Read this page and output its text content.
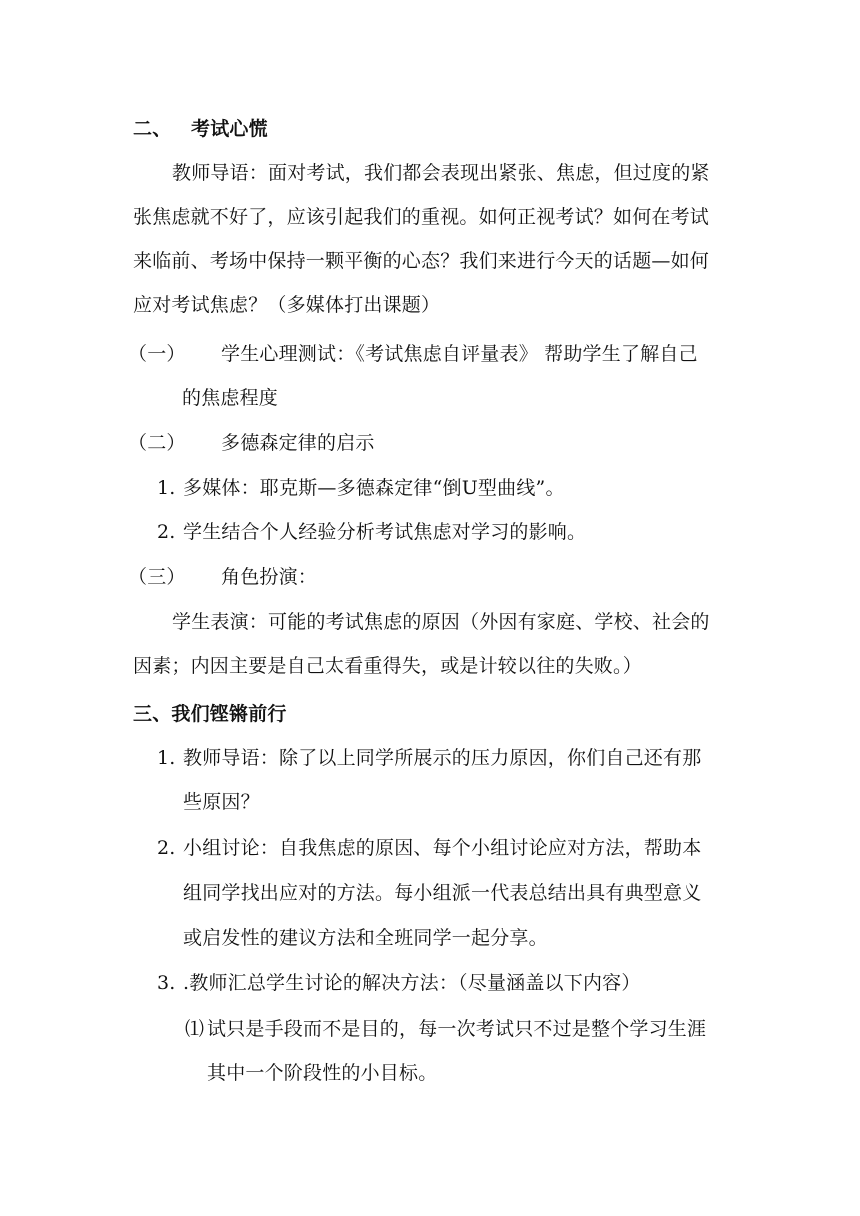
二、 考试心慌
教师导语：面对考试，我们都会表现出紧张、焦虑，但过度的紧
张焦虑就不好了，应该引起我们的重视。如何正视考试？如何在考试
来临前、考场中保持一颗平衡的心态？我们来进行今天的话题—如何
应对考试焦虑？（多媒体打出课题）
（一） 学生心理测试：《考试焦虑自评量表》 帮助学生了解自己
的焦虑程度
（二） 多德森定律的启示
1. 多媒体：耶克斯—多德森定律“倒U型曲线”。
2. 学生结合个人经验分析考试焦虑对学习的影响。
（三） 角色扮演：
学生表演：可能的考试焦虑的原因（外因有家庭、学校、社会的
因素；内因主要是自己太看重得失，或是计较以往的失败。）
三、我们铿锵前行
1. 教师导语：除了以上同学所展示的压力原因，你们自己还有那
些原因？
2. 小组讨论：自我焦虑的原因、每个小组讨论应对方法，帮助本
组同学找出应对的方法。每小组派一代表总结出具有典型意义
或启发性的建议方法和全班同学一起分享。
3. .教师汇总学生讨论的解决方法：（尽量涵盖以下内容）
⑴ 试只是手段而不是目的，每一次考试只不过是整个学习生涯
其中一个阶段性的小目标。
